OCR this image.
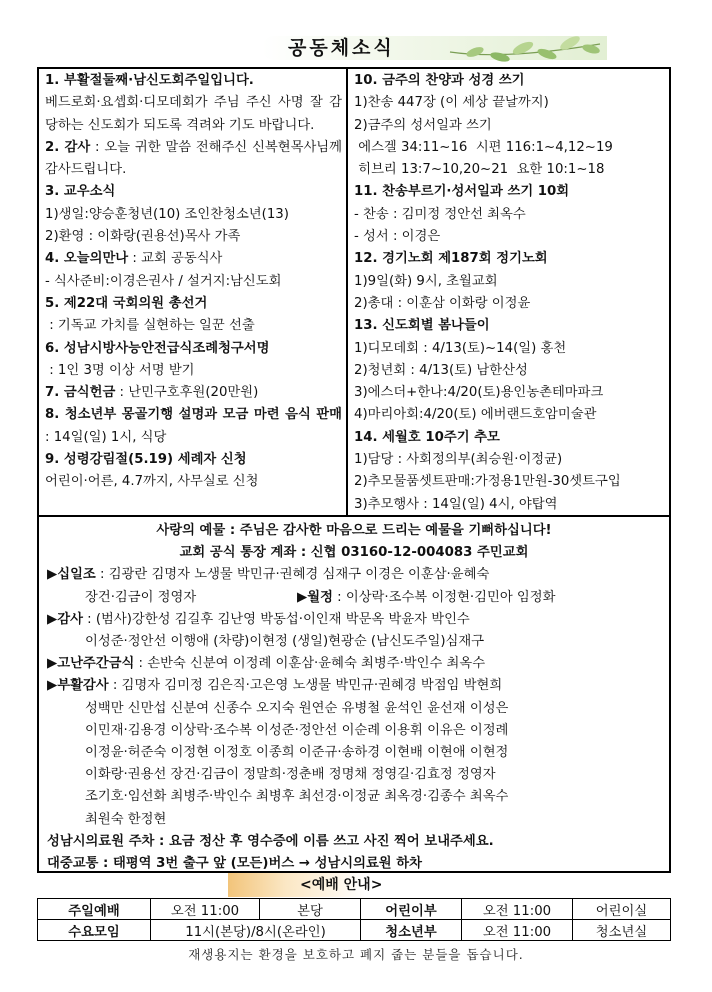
공동체소식
1. 부활절둘째·남신도회주일입니다.
베드로회·요셉회·디모데회가 주님 주신 사명 잘 감당하는 신도회가 되도록 격려와 기도 바랍니다.
2. 감사 : 오늘 귀한 말씀 전해주신 신복현목사님께 감사드립니다.
3. 교우소식
1)생일:양승훈청년(10) 조인찬청소년(13)
2)환영 : 이화랑(권용선)목사 가족
4. 오늘의만나 : 교회 공동식사
- 식사준비:이경은권사 / 설거지:남신도회
5. 제22대 국회의원 총선거
: 기독교 가치를 실현하는 일꾼 선출
6. 성남시방사능안전급식조례청구서명
: 1인 3명 이상 서명 받기
7. 금식헌금 : 난민구호후원(20만원)
8. 청소년부 몽골기행 설명과 모금 마련 음식 판매 : 14일(일) 1시, 식당
9. 성령강림절(5.19) 세례자 신청
어린이·어른, 4.7까지, 사무실로 신청
10. 금주의 찬양과 성경 쓰기
1)찬송 447장 (이 세상 끝날까지)
2)금주의 성서일과 쓰기
에스겔 34:11~16  시편 116:1~4,12~19
히브리 13:7~10,20~21  요한 10:1~18
11. 찬송부르기·성서일과 쓰기 10회
- 찬송 : 김미정 정안선 최옥수
- 성서 : 이경은
12. 경기노회 제187회 정기노회
1)9일(화) 9시, 초월교회
2)총대 : 이훈삼 이화랑 이정윤
13. 신도회별 봄나들이
1)디모데회 : 4/13(토)~14(일) 홍천
2)청년회 : 4/13(토) 남한산성
3)에스더+한나:4/20(토)용인농촌테마파크
4)마리아회:4/20(토) 에버랜드호암미술관
14. 세월호 10주기 추모
1)담당 : 사회정의부(최승원·이정균)
2)추모물품셋트판매:가정용1만원-30셋트구입
3)추모행사 : 14일(일) 4시, 야탑역
사랑의 예물 : 주님은 감사한 마음으로 드리는 예물을 기뻐하십니다!
교회 공식 통장 계좌 : 신협 03160-12-004083 주민교회
▶십일조 : 김광란 김명자 노생물 박민규·권혜경 심재구 이경은 이훈삼·윤혜숙
장건·김금이 정영자	▶월정 : 이상락·조수복 이정현·김민아 임정화
▶감사 : (범사)강한성 김길후 김난영 박동섭·이인재 박문옥 박윤자 박인수
이성준·정안선 이행애 (차량)이현정 (생일)현광순 (남신도주일)심재구
▶고난주간금식 : 손반숙 신분여 이정례 이훈삼·윤혜숙 최병주·박인수 최옥수
▶부활감사 : 김명자 김미정 김은직·고은영 노생물 박민규·권혜경 박점임 박현희
성백만 신만섭 신분여 신종수 오지숙 원연순 유병철 윤석인 윤선재 이성은
이민재·김용경 이상락·조수복 이성준·정안선 이순례 이용휘 이유은 이정례
이정윤·허준숙 이정현 이정호 이종희 이준규·송하경 이현배 이현애 이현정
이화랑·권용선 장건·김금이 정말희·정춘배 정명채 정영길·김효정 정영자
조기호·임선화 최병주·박인수 최병후 최선경·이정균 최옥경·김종수 최옥수
최원숙 한정현
성남시의료원 주차 : 요금 정산 후 영수증에 이름 쓰고 사진 찍어 보내주세요.
대중교통 : 태평역 3번 출구 앞 (모든)버스 → 성남시의료원 하차
<예배 안내>
주일예배	오전 11:00	본당	어린이부	오전 11:00	어린이실
수요모임	11시(본당)/8시(온라인)		청소년부	오전 11:00	청소년실
재생용지는 환경을 보호하고 폐지 줍는 분들을 돕습니다.
